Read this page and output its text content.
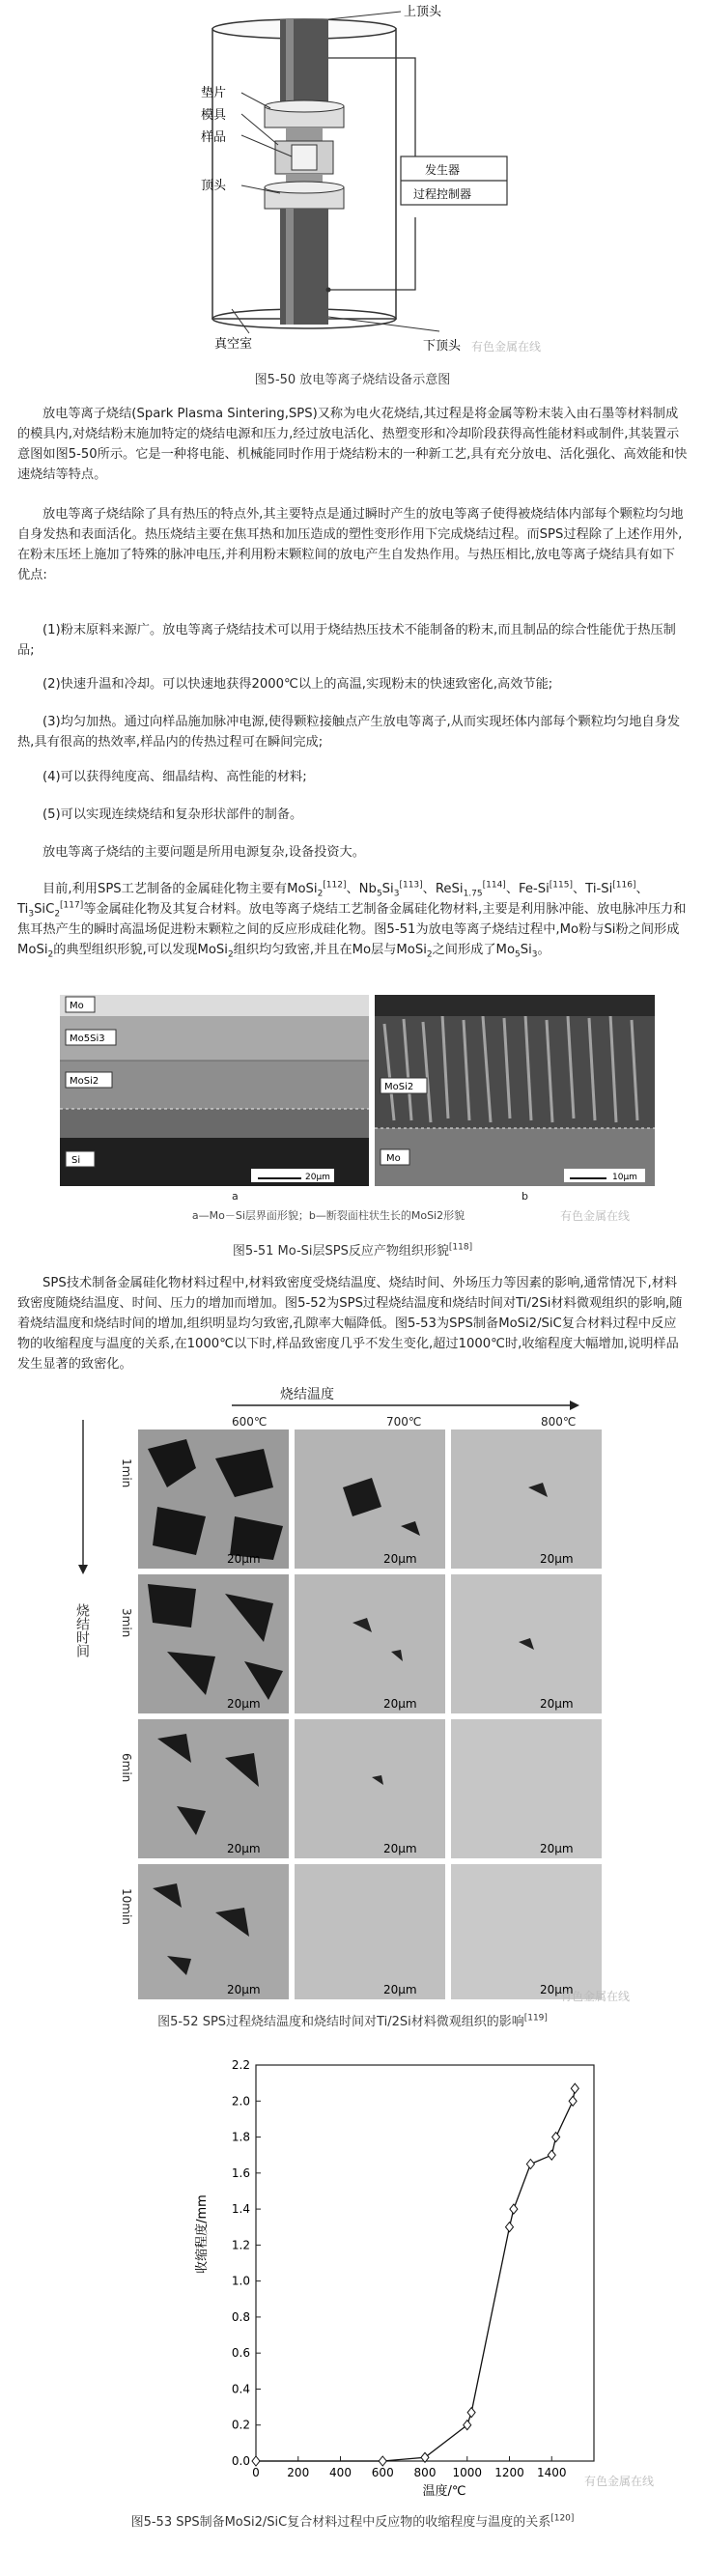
上顶头
垫片
模具
样品
顶头
真空室	下顶头
发生器
过程控制器
有色金属在线
图5-50 放电等离子烧结设备示意图

放电等离子烧结(Spark Plasma Sintering,SPS)又称为电火花烧结,其过程是将金属等粉末装入由石墨等材料制成的模具内,对烧结粉末施加特定的烧结电源和压力,经过放电活化、热塑变形和冷却阶段获得高性能材料或制件,其装置示意图如图5-50所示。它是一种将电能、机械能同时作用于烧结粉末的一种新工艺,具有充分放电、活化强化、高效能和快速烧结等特点。

放电等离子烧结除了具有热压的特点外,其主要特点是通过瞬时产生的放电等离子使得被烧结体内部每个颗粒均匀地自身发热和表面活化。热压烧结主要在焦耳热和加压造成的塑性变形作用下完成烧结过程。而SPS过程除了上述作用外,在粉末压坯上施加了特殊的脉冲电压,并利用粉末颗粒间的放电产生自发热作用。与热压相比,放电等离子烧结具有如下优点:

(1)粉末原料来源广。放电等离子烧结技术可以用于烧结热压技术不能制备的粉末,而且制品的综合性能优于热压制品;

(2)快速升温和冷却。可以快速地获得2000℃以上的高温,实现粉末的快速致密化,高效节能;

(3)均匀加热。通过向样品施加脉冲电源,使得颗粒接触点产生放电等离子,从而实现坯体内部每个颗粒均匀地自身发热,具有很高的热效率,样品内的传热过程可在瞬间完成;

(4)可以获得纯度高、细晶结构、高性能的材料;

(5)可以实现连续烧结和复杂形状部件的制备。

放电等离子烧结的主要问题是所用电源复杂,设备投资大。

目前,利用SPS工艺制备的金属硅化物主要有MoSi$_2$[112]、$Nb_5Si_3[113]$、ReSi$_{1.75}$[114]、Fe-Si[115]、Ti-Si[116]、$Ti_3SiC_2[117]$等金属硅化物及其复合材料。放电等离子烧结工艺制备金属硅化物材料,主要是利用脉冲能、放电脉冲压力和焦耳热产生的瞬时高温场促进粉末颗粒之间的反应形成硅化物。图5-51为放电等离子烧结过程中,Mo粉与Si粉之间形成MoSi$_2$的典型组织形貌,可以发现MoSi$_2$组织均匀致密,并且在Mo层与MoSi$_2$之间形成了$Mo_5Si_3$。

Mo
Mo5Si3
MoSi2
Si
20μm
MoSi2
Mo
10μm
a	b
a—Mo－Si层界面形貌；b—断裂面柱状生长的MoSi2形貌	有色金属在线
图5-51 Mo-Si层SPS反应产物组织形貌[118]

SPS技术制备金属硅化物材料过程中,材料致密度受烧结温度、烧结时间、外场压力等因素的影响,通常情况下,材料致密度随烧结温度、时间、压力的增加而增加。图5-52为SPS过程烧结温度和烧结时间对Ti/2Si材料微观组织的影响,随着烧结温度和烧结时间的增加,组织明显均匀致密,孔隙率大幅降低。图5-53为SPS制备MoSi2/SiC复合材料过程中反应物的收缩程度与温度的关系,在1000℃以下时,样品致密度几乎不发生变化,超过1000℃时,收缩程度大幅增加,说明样品发生显著的致密化。

烧结温度
烧结时间
600℃	700℃	800℃
1min
3min
6min
10min
20μm	20μm	20μm
20μm	20μm	20μm
20μm	20μm	20μm
20μm	20μm	20μm
有色金属在线
图5-52 SPS过程烧结温度和烧结时间对Ti/2Si材料微观组织的影响[119]
0 200 400 600 800 1000 1200 1400
0.0
0.2
0.4
0.6
0.8
1.0
1.2
1.4
1.6
1.8
2.0
2.2
收缩程度/mm
温度/℃
有色金属在线
图5-53 SPS制备MoSi2/SiC复合材料过程中反应物的收缩程度与温度的关系[120]
